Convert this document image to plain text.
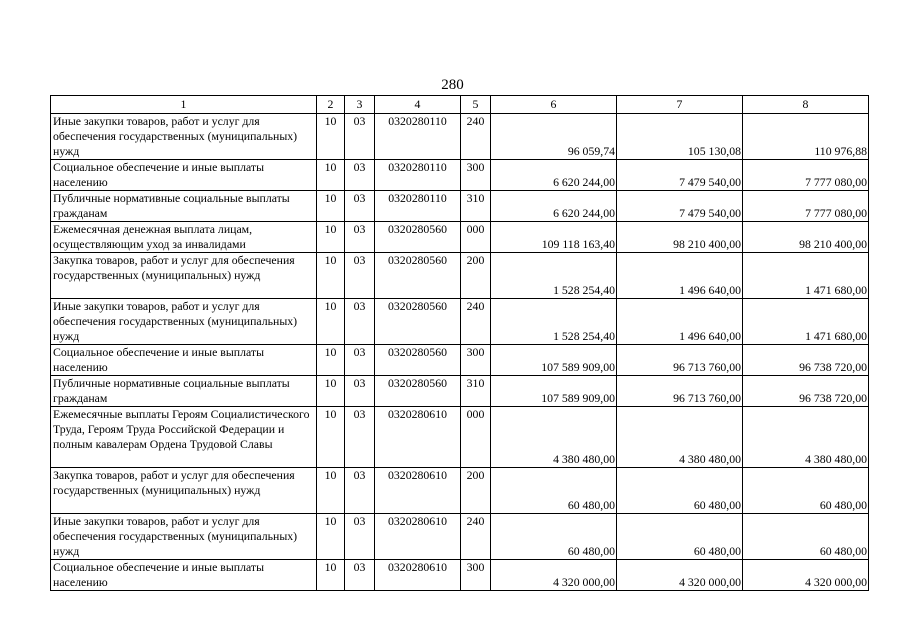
280
1	2	3	4	5	6	7	8
Иные закупки товаров, работ и услуг для обеспечения государственных (муниципальных) нужд	10	03	0320280110	240	96 059,74	105 130,08	110 976,88
Социальное обеспечение и иные выплаты населению	10	03	0320280110	300	6 620 244,00	7 479 540,00	7 777 080,00
Публичные нормативные социальные выплаты гражданам	10	03	0320280110	310	6 620 244,00	7 479 540,00	7 777 080,00
Ежемесячная денежная выплата лицам, осуществляющим уход за инвалидами	10	03	0320280560	000	109 118 163,40	98 210 400,00	98 210 400,00
Закупка товаров, работ и услуг для обеспечения государственных (муниципальных) нужд	10	03	0320280560	200	1 528 254,40	1 496 640,00	1 471 680,00
Иные закупки товаров, работ и услуг для обеспечения государственных (муниципальных) нужд	10	03	0320280560	240	1 528 254,40	1 496 640,00	1 471 680,00
Социальное обеспечение и иные выплаты населению	10	03	0320280560	300	107 589 909,00	96 713 760,00	96 738 720,00
Публичные нормативные социальные выплаты гражданам	10	03	0320280560	310	107 589 909,00	96 713 760,00	96 738 720,00
Ежемесячные выплаты Героям Социалистического Труда, Героям Труда Российской Федерации и полным кавалерам Ордена Трудовой Славы	10	03	0320280610	000	4 380 480,00	4 380 480,00	4 380 480,00
Закупка товаров, работ и услуг для обеспечения государственных (муниципальных) нужд	10	03	0320280610	200	60 480,00	60 480,00	60 480,00
Иные закупки товаров, работ и услуг для обеспечения государственных (муниципальных) нужд	10	03	0320280610	240	60 480,00	60 480,00	60 480,00
Социальное обеспечение и иные выплаты населению	10	03	0320280610	300	4 320 000,00	4 320 000,00	4 320 000,00
